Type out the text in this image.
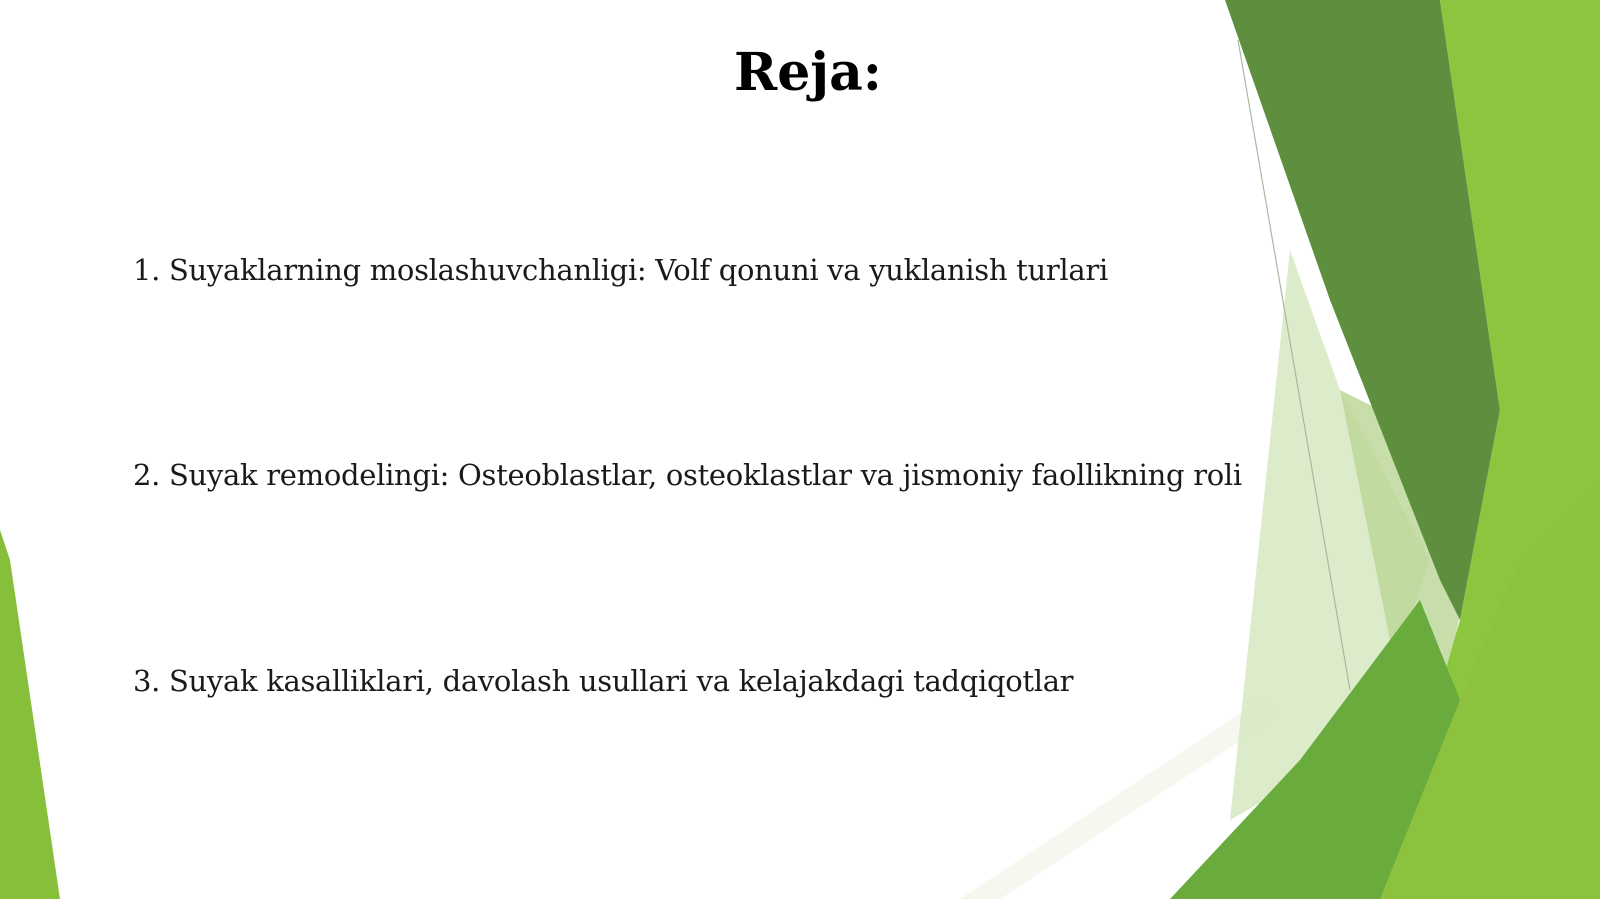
Reja:
1. Suyaklarning moslashuvchanligi: Volf qonuni va yuklanish turlari
2. Suyak remodelingi: Osteoblastlar, osteoklastlar va jismoniy faollikning roli
3. Suyak kasalliklari, davolash usullari va kelajakdagi tadqiqotlar
